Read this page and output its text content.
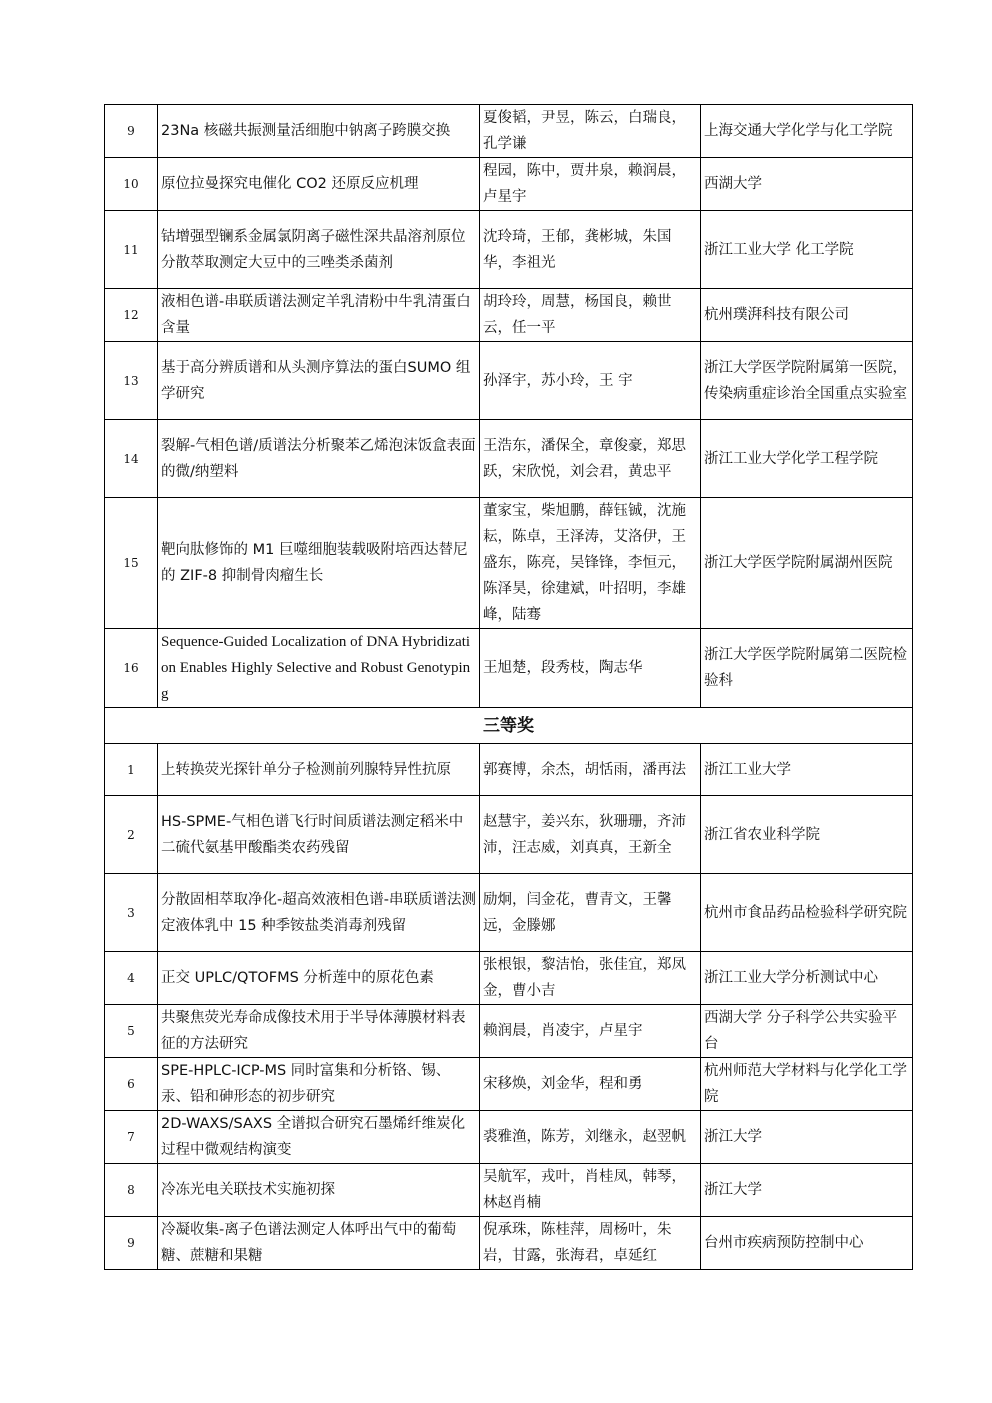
9	23Na 核磁共振测量活细胞中钠离子跨膜交换	夏俊韬，尹昱，陈云，白瑞良，孔学谦	上海交通大学化学与化工学院
10	原位拉曼探究电催化 CO2 还原反应机理	程园，陈中，贾井泉，赖润晨，卢星宇	西湖大学
11	钴增强型镧系金属氯阴离子磁性深共晶溶剂原位分散萃取测定大豆中的三唑类杀菌剂	沈玲琦，王郁，龚彬城，朱国华，李祖光	浙江工业大学 化工学院
12	液相色谱-串联质谱法测定羊乳清粉中牛乳清蛋白含量	胡玲玲，周慧，杨国良，赖世云，任一平	杭州璞湃科技有限公司
13	基于高分辨质谱和从头测序算法的蛋白SUMO 组学研究	孙泽宇，苏小玲，王 宇	浙江大学医学院附属第一医院，传染病重症诊治全国重点实验室
14	裂解-气相色谱/质谱法分析聚苯乙烯泡沫饭盒表面的微/纳塑料	王浩东，潘保全，章俊豪，郑思跃，宋欣悦，刘会君，黄忠平	浙江工业大学化学工程学院
15	靶向肽修饰的 M1 巨噬细胞装载吸附培西达替尼的 ZIF-8 抑制骨肉瘤生长	董家宝，柴旭鹏，薛钰铖，沈施耘，陈卓，王泽涛，艾洛伊，王盛东，陈亮，吴锋锋，李恒元，陈泽昊，徐建斌，叶招明，李雄峰，陆骞	浙江大学医学院附属湖州医院
16	Sequence-Guided Localization of DNA Hybridization Enables Highly Selective and Robust Genotyping	王旭楚，段秀枝，陶志华	浙江大学医学院附属第二医院检验科
三等奖			
1	上转换荧光探针单分子检测前列腺特异性抗原	郭赛博，余杰，胡恬雨，潘再法	浙江工业大学
2	HS-SPME-气相色谱飞行时间质谱法测定稻米中二硫代氨基甲酸酯类农药残留	赵慧宇，姜兴东，狄珊珊，齐沛沛，汪志威，刘真真，王新全	浙江省农业科学院
3	分散固相萃取净化-超高效液相色谱-串联质谱法测定液体乳中 15 种季铵盐类消毒剂残留	励炯，闫金花，曹青文，王馨远，金滕娜	杭州市食品药品检验科学研究院
4	正交 UPLC/QTOFMS 分析莲中的原花色素	张根银，黎洁怡，张佳宜，郑凤金，曹小吉	浙江工业大学分析测试中心
5	共聚焦荧光寿命成像技术用于半导体薄膜材料表征的方法研究	赖润晨，肖凌宇，卢星宇	西湖大学 分子科学公共实验平台
6	SPE-HPLC-ICP-MS 同时富集和分析铬、锡、汞、铅和砷形态的初步研究	宋移焕，刘金华，程和勇	杭州师范大学材料与化学化工学院
7	2D-WAXS/SAXS 全谱拟合研究石墨烯纤维炭化过程中微观结构演变	裘雅渔，陈芳，刘继永，赵翌帆	浙江大学
8	冷冻光电关联技术实施初探	吴航军，戎叶，肖桂凤，韩琴，林赵肖楠	浙江大学
9	冷凝收集-离子色谱法测定人体呼出气中的葡萄糖、蔗糖和果糖	倪承珠，陈桂萍，周杨叶，朱岩，甘露，张海君，卓延红	台州市疾病预防控制中心
